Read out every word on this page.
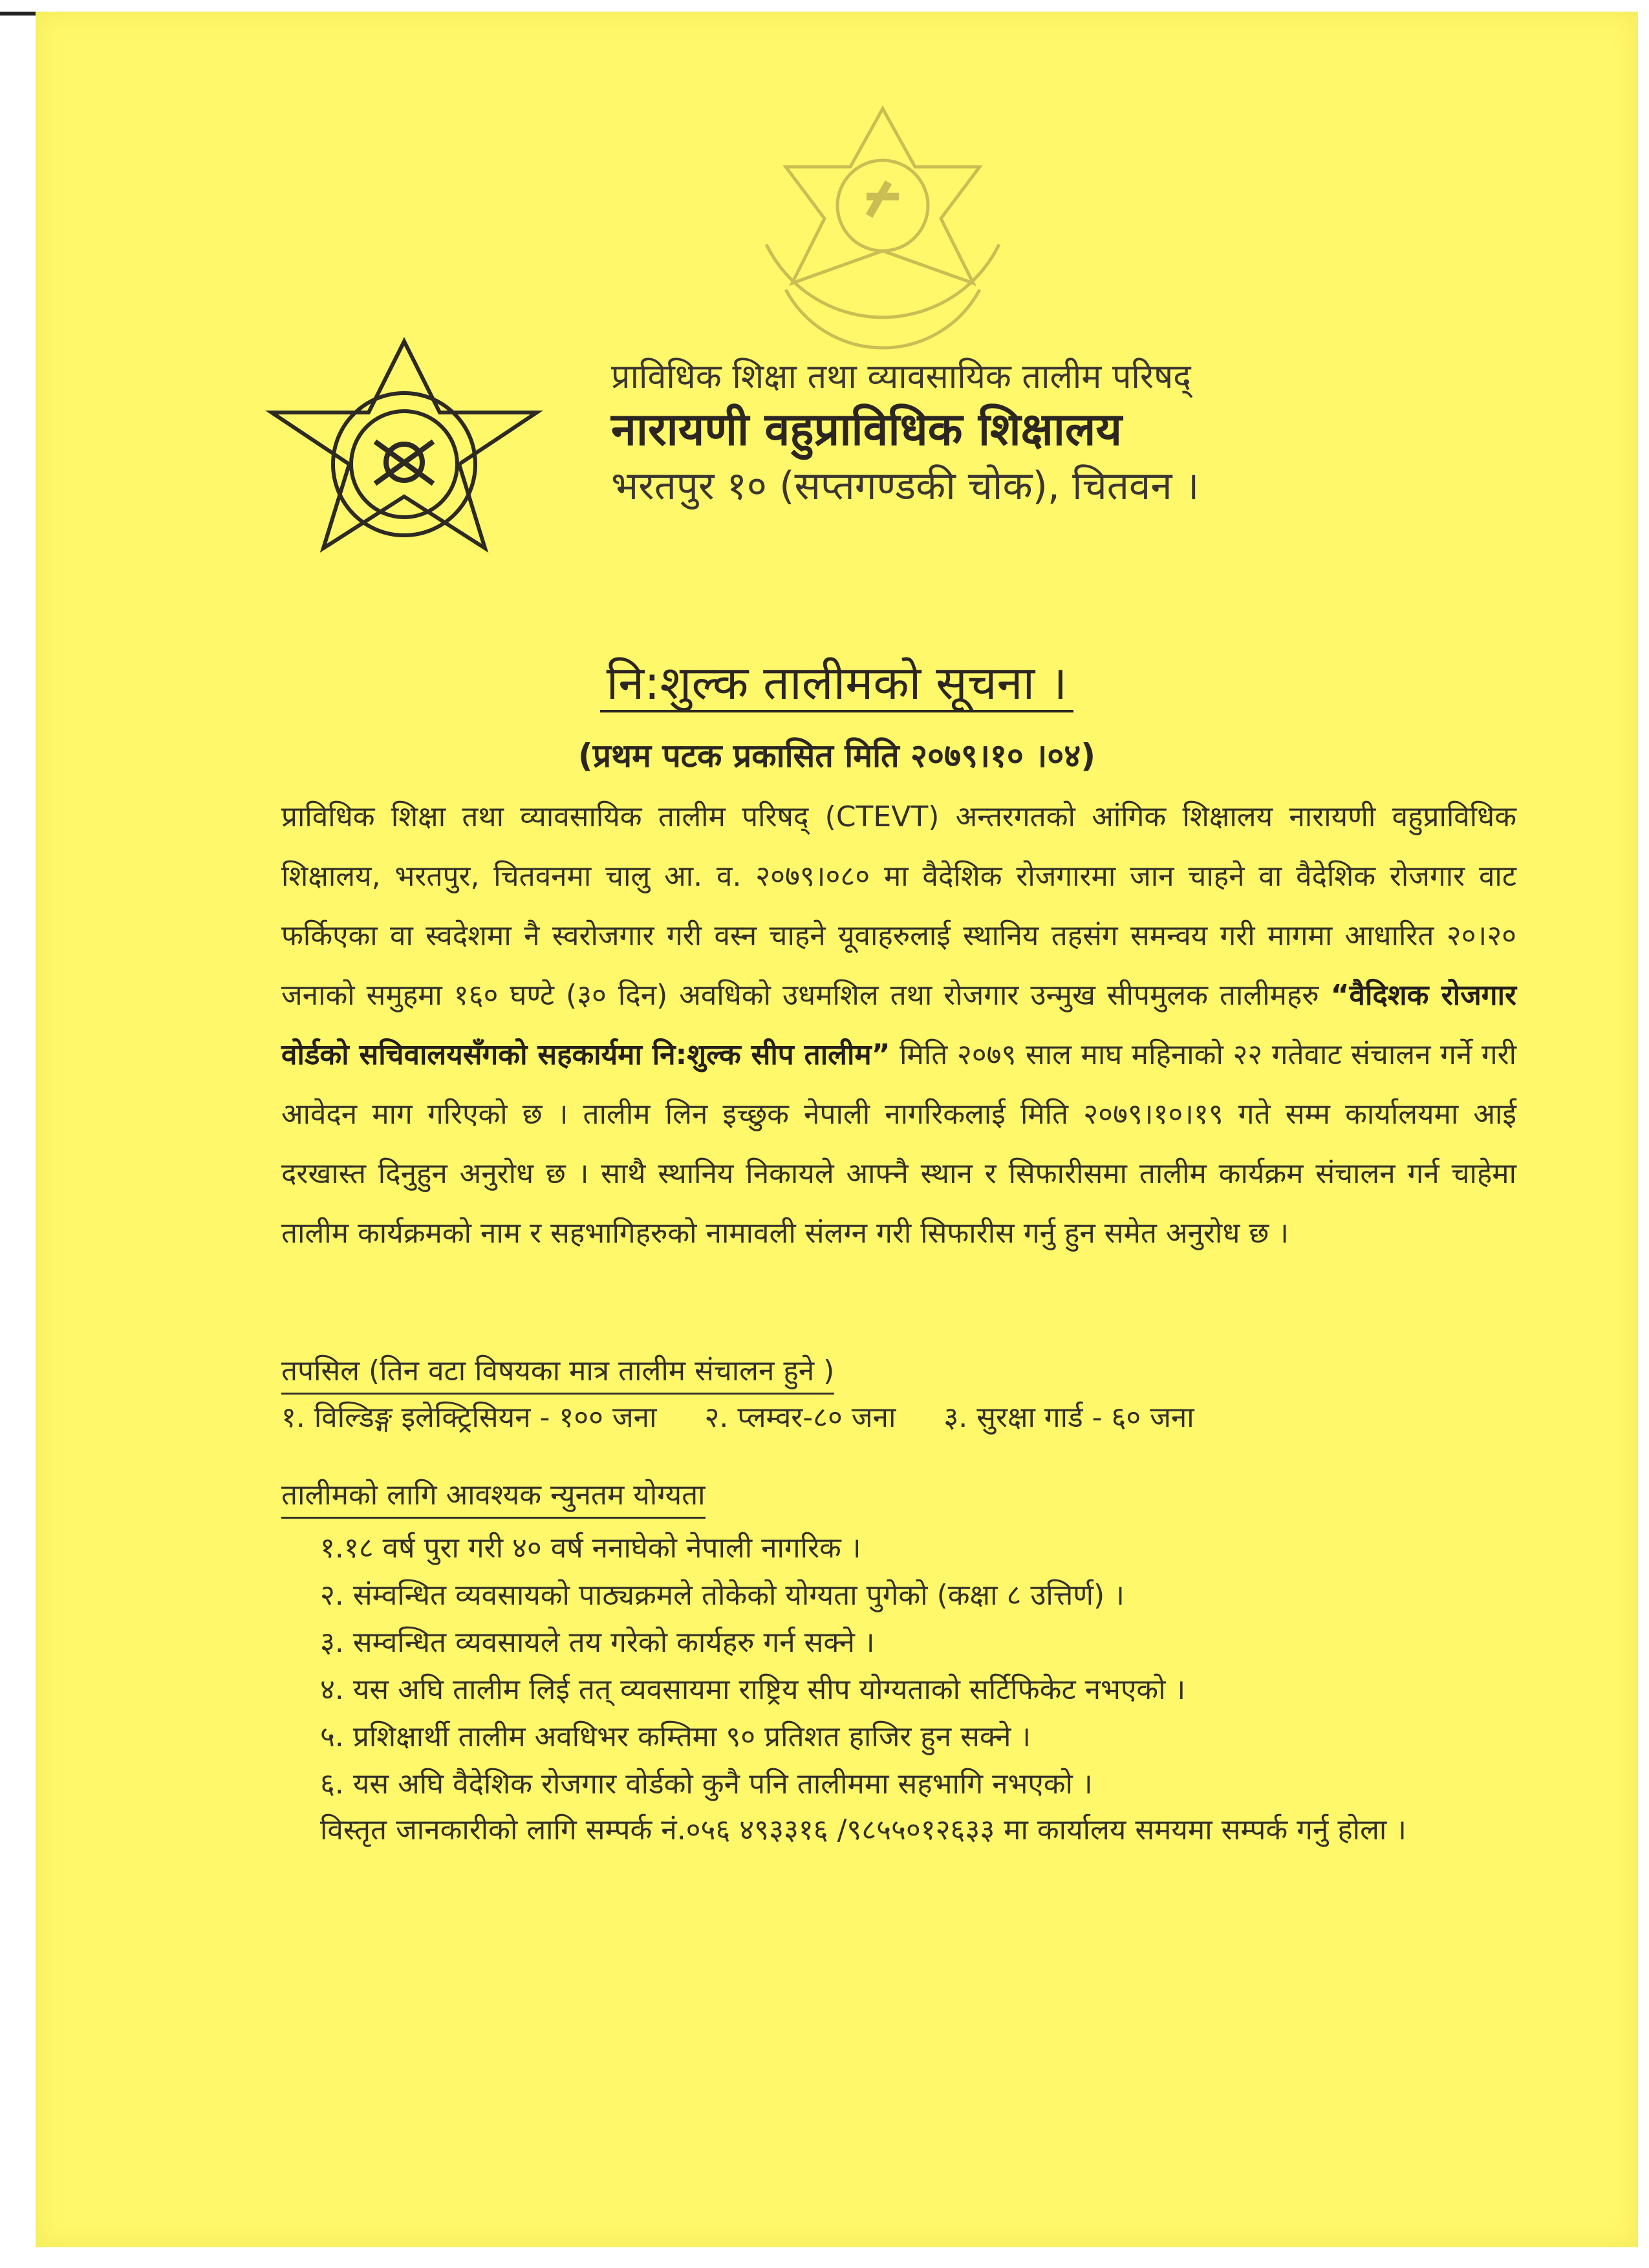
प्राविधिक शिक्षा तथा व्यावसायिक तालीम परिषद्
नारायणी वहुप्राविधिक शिक्षालय
भरतपुर १० (सप्तगण्डकी चोक), चितवन ।
नि:शुल्क तालीमको सूचना ।
(प्रथम पटक प्रकासित मिति २०७९।१० ।०४)
प्राविधिक शिक्षा तथा व्यावसायिक तालीम परिषद् (CTEVT) अन्तरगतको आंगिक शिक्षालय नारायणी वहुप्राविधिक शिक्षालय, भरतपुर, चितवनमा चालु आ. व. २०७९।०८० मा वैदेशिक रोजगारमा जान चाहने वा वैदेशिक रोजगार वाट फर्किएका वा स्वदेशमा नै स्वरोजगार गरी वस्न चाहने यूवाहरुलाई स्थानिय तहसंग समन्वय गरी मागमा आधारित २०।२० जनाको समुहमा १६० घण्टे (३० दिन) अवधिको उधमशिल तथा रोजगार उन्मुख सीपमुलक तालीमहरु “वैदिशक रोजगार वोर्डको सचिवालयसँगको सहकार्यमा नि:शुल्क सीप तालीम” मिति २०७९ साल माघ महिनाको २२ गतेवाट संचालन गर्ने गरी आवेदन माग गरिएको छ । तालीम लिन इच्छुक नेपाली नागरिकलाई मिति २०७९।१०।१९ गते सम्म कार्यालयमा आई दरखास्त दिनुहुन अनुरोध छ । साथै स्थानिय निकायले आफ्नै स्थान र सिफारीसमा तालीम कार्यक्रम संचालन गर्न चाहेमा तालीम कार्यक्रमको नाम र सहभागिहरुको नामावली संलग्न गरी सिफारीस गर्नु हुन समेत अनुरोध छ ।
तपसिल (तिन वटा विषयका मात्र तालीम संचालन हुने )
१. विल्डिङ्ग इलेक्ट्रिसियन - १०० जना २. प्लम्वर-८० जना ३. सुरक्षा गार्ड - ६० जना
तालीमको लागि आवश्यक न्युनतम योग्यता
१.१८ वर्ष पुरा गरी ४० वर्ष ननाघेको नेपाली नागरिक ।
२. संम्वन्धित व्यवसायको पाठ्यक्रमले तोकेको योग्यता पुगेको (कक्षा ८ उत्तिर्ण) ।
३. सम्वन्धित व्यवसायले तय गरेको कार्यहरु गर्न सक्ने ।
४. यस अघि तालीम लिई तत् व्यवसायमा राष्ट्रिय सीप योग्यताको सर्टिफिकेट नभएको ।
५. प्रशिक्षार्थी तालीम अवधिभर कम्तिमा ९० प्रतिशत हाजिर हुन सक्ने ।
६. यस अघि वैदेशिक रोजगार वोर्डको कुनै पनि तालीममा सहभागि नभएको ।
विस्तृत जानकारीको लागि सम्पर्क नं.०५६ ४९३३१६ /९८५५०१२६३३ मा कार्यालय समयमा सम्पर्क गर्नु होला ।
